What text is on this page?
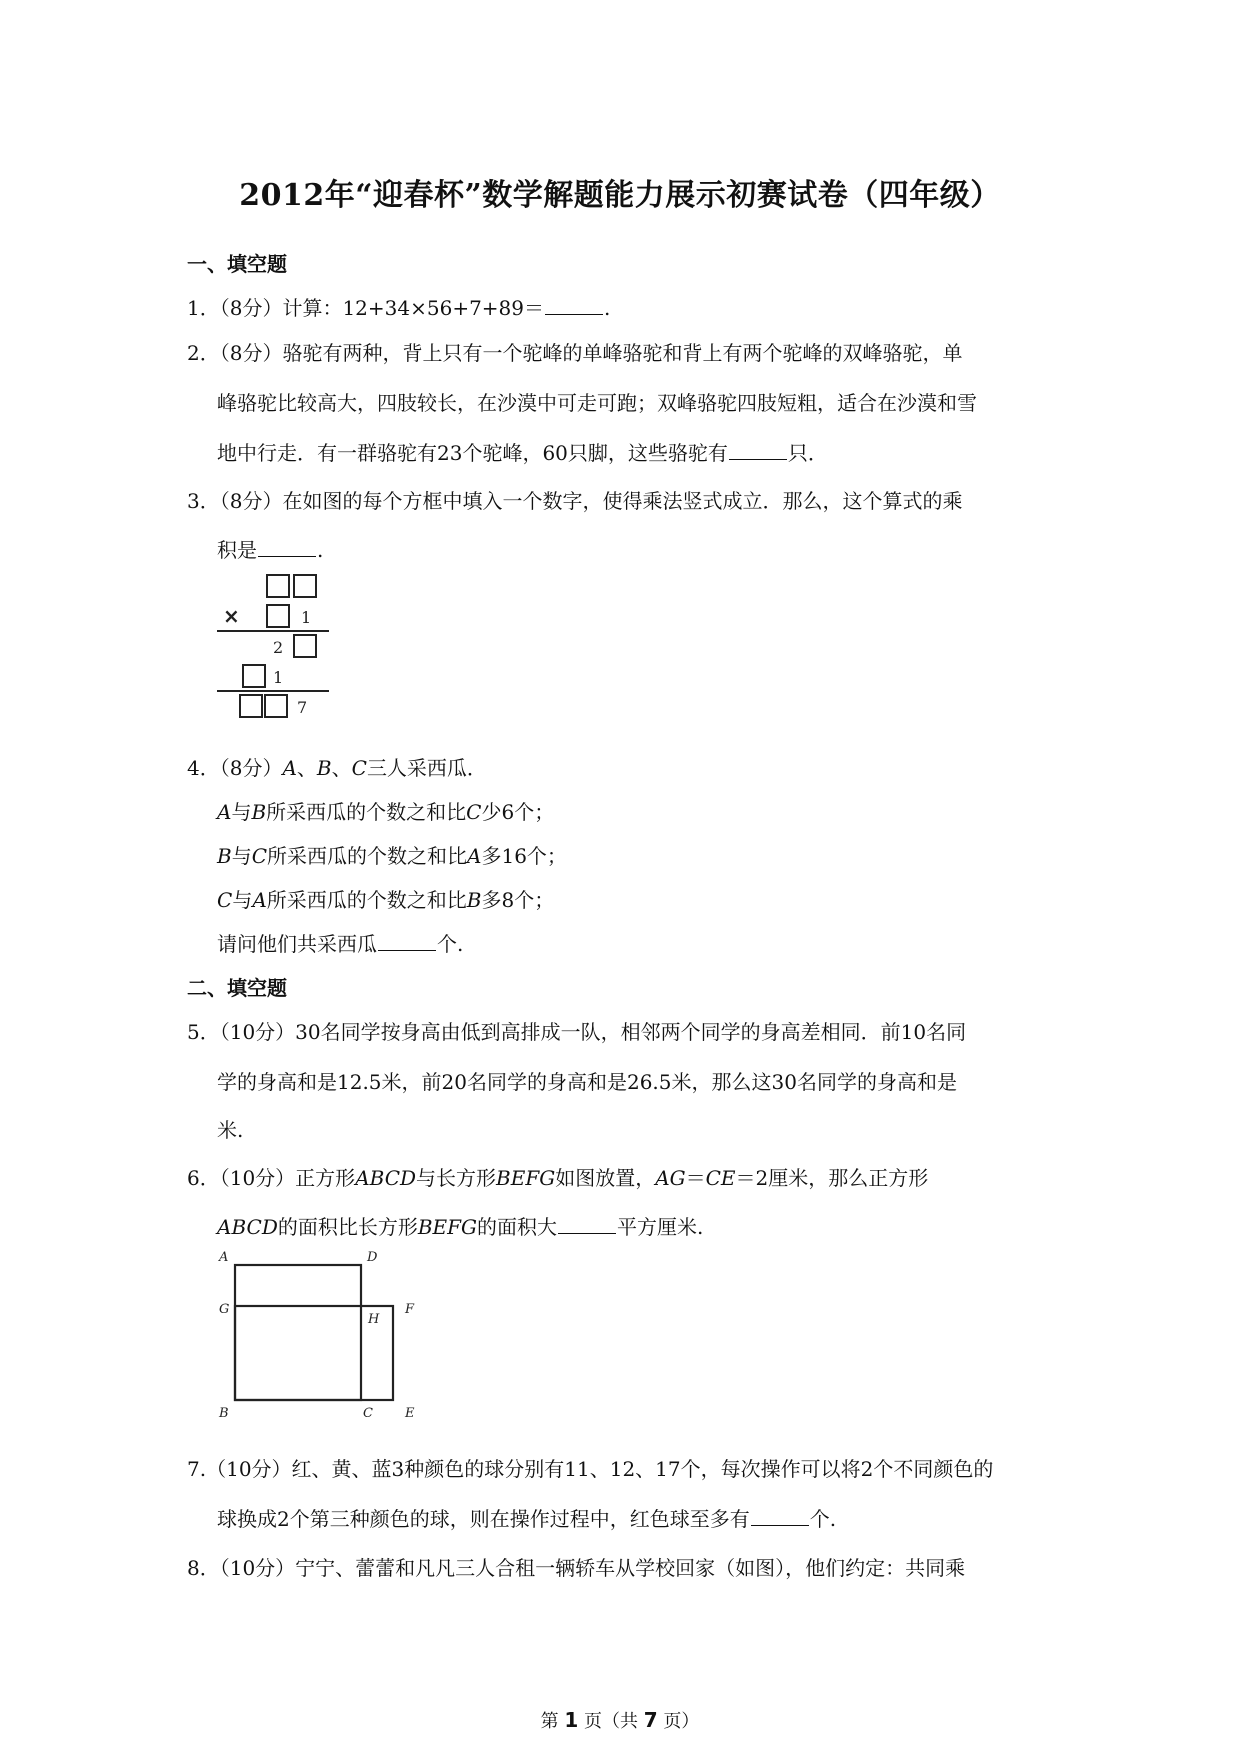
2012年“迎春杯”数学解题能力展示初赛试卷（四年级）
一、填空题
1．（8分）计算：12+34×56+7+89＝	.
2．（8分）骆驼有两种，背上只有一个驼峰的单峰骆驼和背上有两个驼峰的双峰骆驼，单
峰骆驼比较高大，四肢较长，在沙漠中可走可跑；双峰骆驼四肢短粗，适合在沙漠和雪
地中行走．有一群骆驼有23个驼峰，60只脚，这些骆驼有	只．
3．（8分）在如图的每个方框中填入一个数字，使得乘法竖式成立．那么，这个算式的乘
积是	.
×	1
2
1
7
4．（8分）A、B、C三人采西瓜．
A与B所采西瓜的个数之和比C少6个；
B与C所采西瓜的个数之和比A多16个；
C与A所采西瓜的个数之和比B多8个；
请问他们共采西瓜	个.
二、填空题
5．（10分）30名同学按身高由低到高排成一队，相邻两个同学的身高差相同．前10名同
学的身高和是12.5米，前20名同学的身高和是26.5米，那么这30名同学的身高和是
米.
6．（10分）正方形ABCD与长方形BEFG如图放置，AG＝CE＝2厘米，那么正方形
ABCD的面积比长方形BEFG的面积大	平方厘米.
A	D
G
H
F
B	C E
7.（10分）红、黄、蓝3种颜色的球分别有11、12、17个，每次操作可以将2个不同颜色的
球换成2个第三种颜色的球，则在操作过程中，红色球至多有	个.
8．（10分）宁宁、蕾蕾和凡凡三人合租一辆轿车从学校回家（如图），他们约定：共同乘
第 1 页（共 7 页）
